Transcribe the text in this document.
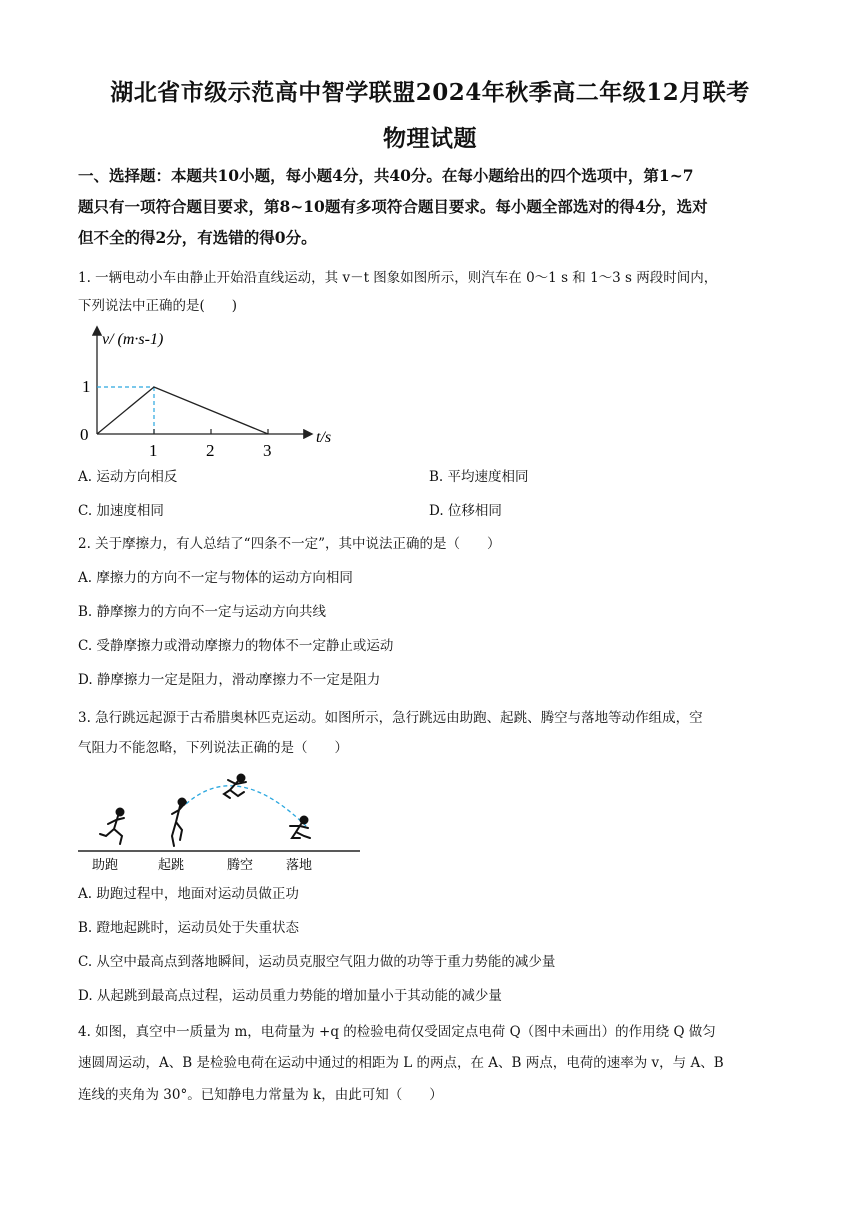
湖北省市级示范高中智学联盟2024年秋季高二年级12月联考
物理试题
一、选择题：本题共10小题，每小题4分，共40分。在每小题给出的四个选项中，第1~7
题只有一项符合题目要求，第8~10题有多项符合题目要求。每小题全部选对的得4分，选对
但不全的得2分，有选错的得0分。
1. 一辆电动小车由静止开始沿直线运动，其 v－t 图象如图所示，则汽车在 0～1 s 和 1～3 s 两段时间内，
下列说法中正确的是(　　)
1	2	3
1
0
v/ (m·s-1)
t/s
A. 运动方向相反	B. 平均速度相同
C. 加速度相同	D. 位移相同
2. 关于摩擦力，有人总结了“四条不一定”，其中说法正确的是（　　）
A. 摩擦力的方向不一定与物体的运动方向相同
B. 静摩擦力的方向不一定与运动方向共线
C. 受静摩擦力或滑动摩擦力的物体不一定静止或运动
D. 静摩擦力一定是阻力，滑动摩擦力不一定是阻力
3. 急行跳远起源于古希腊奥林匹克运动。如图所示，急行跳远由助跑、起跳、腾空与落地等动作组成，空
气阻力不能忽略，下列说法正确的是（　　）
助跑	起跳	腾空	落地
A. 助跑过程中，地面对运动员做正功
B. 蹬地起跳时，运动员处于失重状态
C. 从空中最高点到落地瞬间，运动员克服空气阻力做的功等于重力势能的减少量
D. 从起跳到最高点过程，运动员重力势能的增加量小于其动能的减少量
4. 如图，真空中一质量为 m，电荷量为 +q 的检验电荷仅受固定点电荷 Q（图中未画出）的作用绕 Q 做匀
速圆周运动，A、B 是检验电荷在运动中通过的相距为 L 的两点，在 A、B 两点，电荷的速率为 v，与 A、B
连线的夹角为 30°。已知静电力常量为 k，由此可知（　　）
